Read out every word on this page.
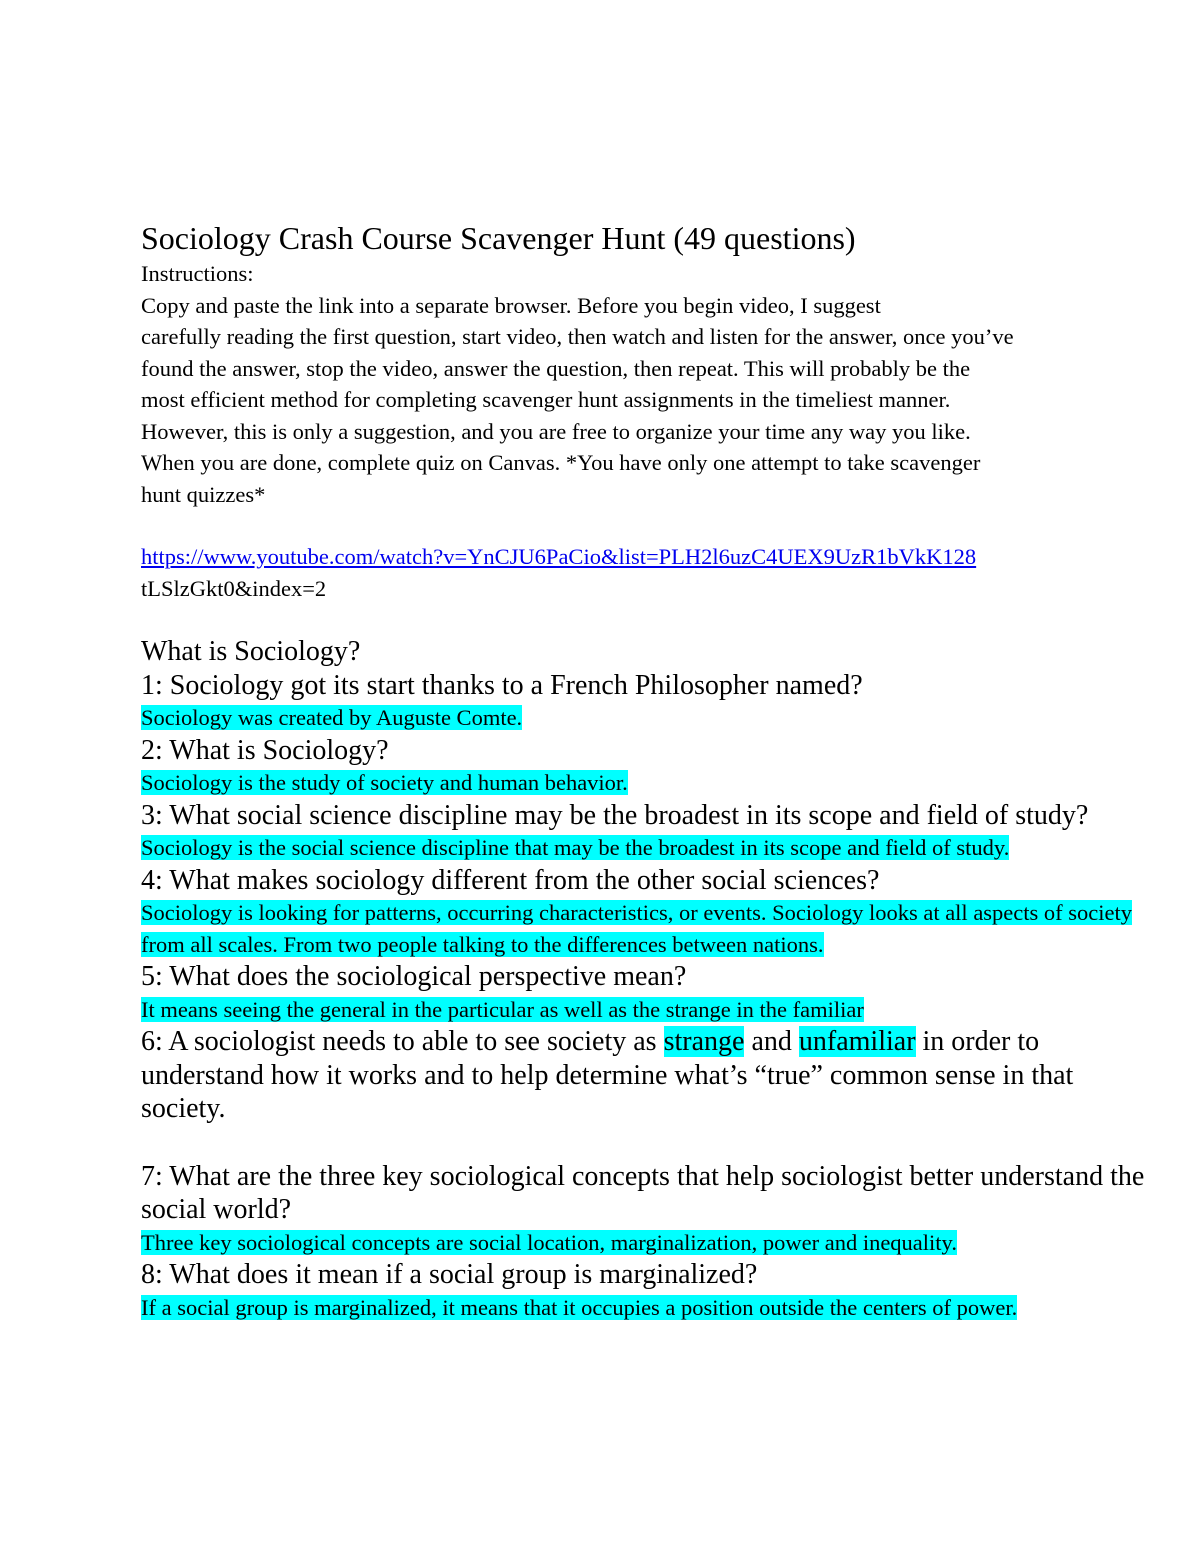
Sociology Crash Course Scavenger Hunt (49 questions)

Instructions:

Copy and paste the link into a separate browser. Before you begin video, I suggest

carefully reading the first question, start video, then watch and listen for the answer, once you’ve

found the answer, stop the video, answer the question, then repeat. This will probably be the

most efficient method for completing scavenger hunt assignments in the timeliest manner.

However, this is only a suggestion, and you are free to organize your time any way you like.

When you are done, complete quiz on Canvas. *You have only one attempt to take scavenger

hunt quizzes*

https://www.youtube.com/watch?v=YnCJU6PaCio&list=PLH2l6uzC4UEX9UzR1bVkK128

tLSlzGkt0&index=2

What is Sociology?

1: Sociology got its start thanks to a French Philosopher named?

Sociology was created by Auguste Comte.

2: What is Sociology?

Sociology is the study of society and human behavior.

3: What social science discipline may be the broadest in its scope and field of study?

Sociology is the social science discipline that may be the broadest in its scope and field of study.

4: What makes sociology different from the other social sciences?

Sociology is looking for patterns, occurring characteristics, or events. Sociology looks at all aspects of society from all scales. From two people talking to the differences between nations.

5: What does the sociological perspective mean?

It means seeing the general in the particular as well as the strange in the familiar

6: A sociologist needs to able to see society as strange and unfamiliar in order to understand how it works and to help determine what’s “true” common sense in that society.

7: What are the three key sociological concepts that help sociologist better understand the social world?

Three key sociological concepts are social location, marginalization, power and inequality.

8: What does it mean if a social group is marginalized?

If a social group is marginalized, it means that it occupies a position outside the centers of power.
